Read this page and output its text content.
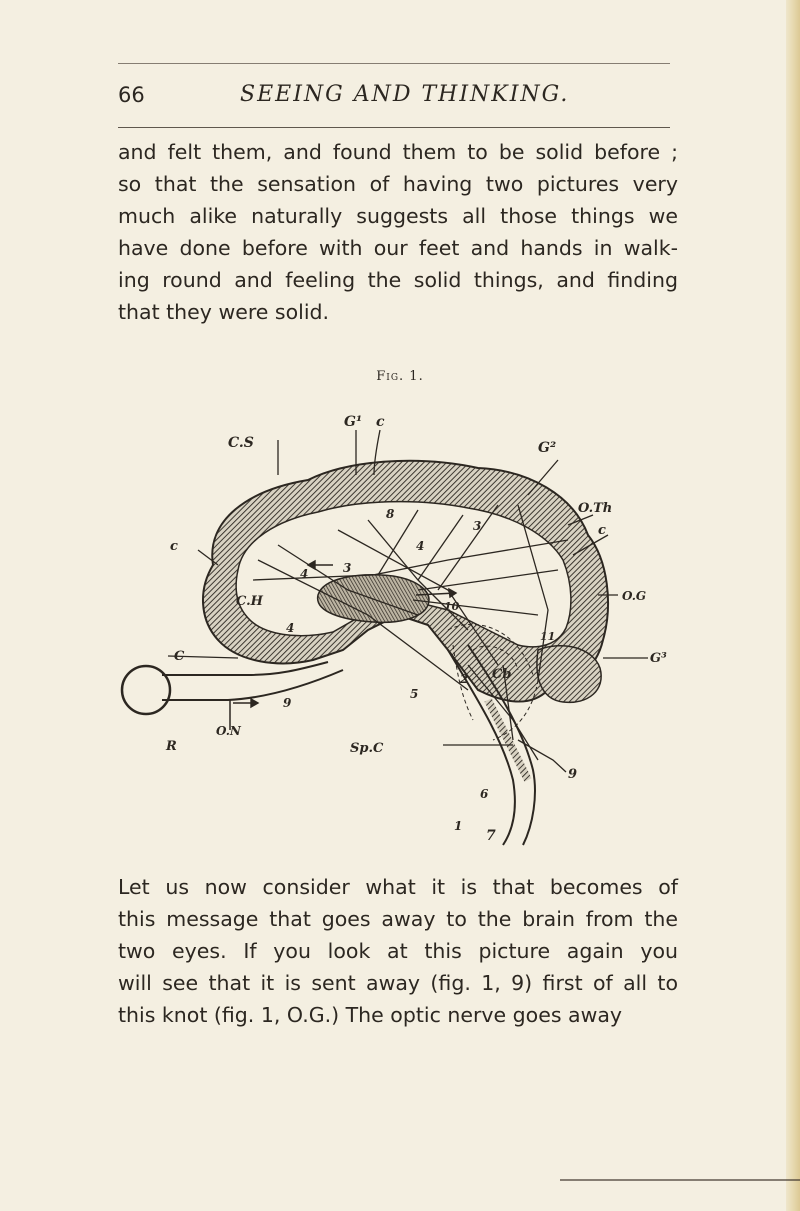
66	SEEING AND THINKING.
and felt them, and found them to be solid before ;
so that the sensation of having two pictures very
much alike naturally suggests all those things we
have done before with our feet and hands in walk-
ing round and feeling the solid things, and finding
that they were solid.
Fig. 1.
C.S
G¹ c
G²
O.Th
c
c
C.H	O.G
G³
C
2 Cb
3
3
4
4
4
5
9
O.N
R	Sp.C
9
6
1
7
8
10
11
Let us now consider what it is that becomes of
this message that goes away to the brain from the
two eyes. If you look at this picture again you
will see that it is sent away (fig. 1, 9) first of all to
this knot (fig. 1, O.G.) The optic nerve goes away
